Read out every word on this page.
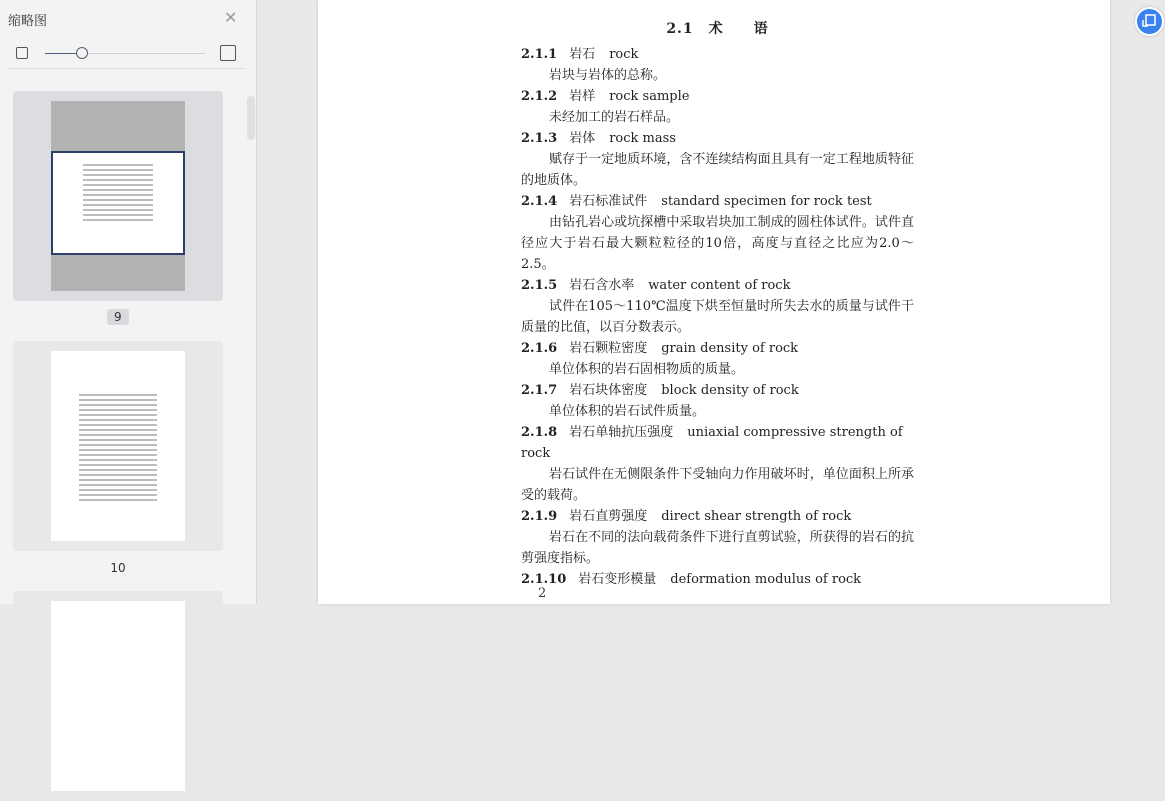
缩略图	✕
9
10
2.1　术　　语
2.1.1 岩石 rock
岩块与岩体的总称。
2.1.2 岩样 rock sample
未经加工的岩石样品。
2.1.3 岩体 rock mass
赋存于一定地质环境，含不连续结构面且具有一定工程地质特征的地质体。
2.1.4 岩石标准试件 standard specimen for rock test
由钻孔岩心或坑探槽中采取岩块加工制成的圆柱体试件。试件直径应大于岩石最大颗粒粒径的10倍，高度与直径之比应为2.0～2.5。
2.1.5 岩石含水率 water content of rock
试件在105～110℃温度下烘至恒量时所失去水的质量与试件干质量的比值，以百分数表示。
2.1.6 岩石颗粒密度 grain density of rock
单位体积的岩石固相物质的质量。
2.1.7 岩石块体密度 block density of rock
单位体积的岩石试件质量。
2.1.8 岩石单轴抗压强度 uniaxial compressive strength of rock
岩石试件在无侧限条件下受轴向力作用破坏时，单位面积上所承受的载荷。
2.1.9 岩石直剪强度 direct shear strength of rock
岩石在不同的法向载荷条件下进行直剪试验，所获得的岩石的抗剪强度指标。
2.1.10 岩石变形模量 deformation modulus of rock
2
